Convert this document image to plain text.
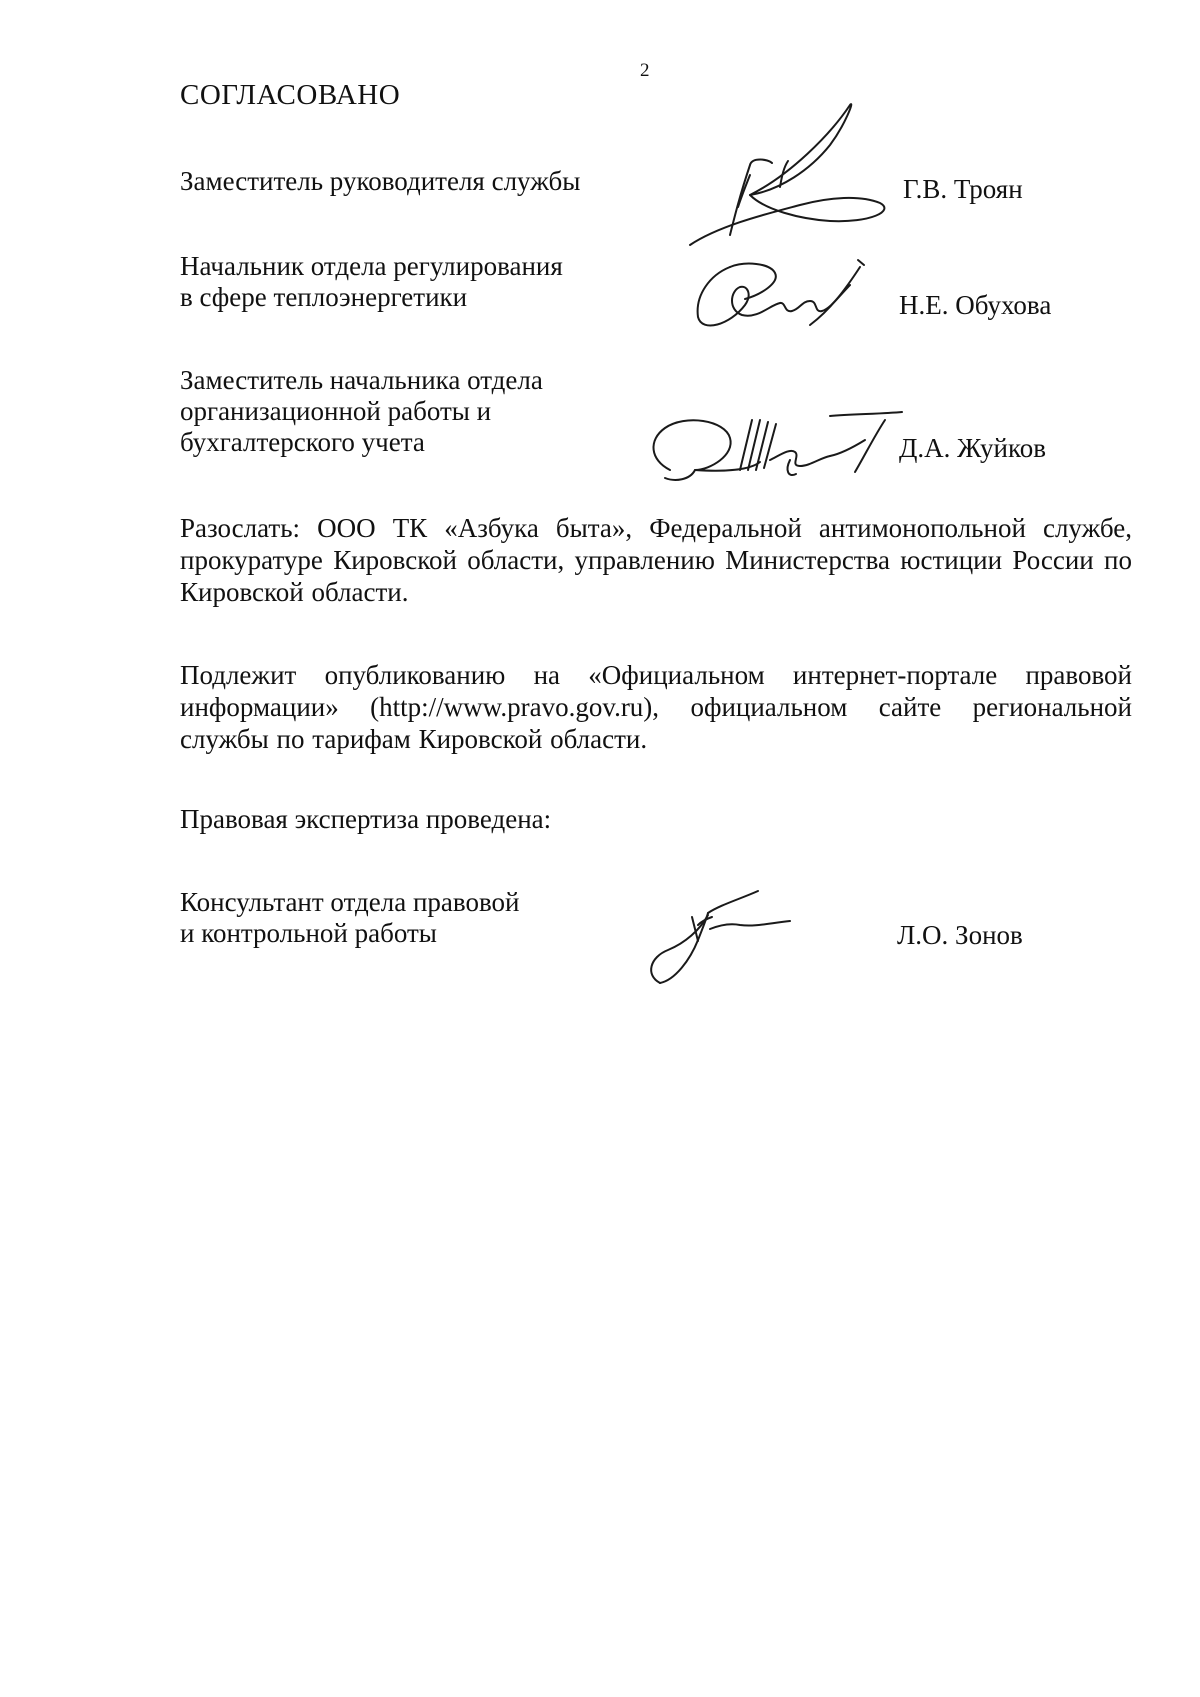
2

СОГЛАСОВАНО

Заместитель руководителя службы	Г.В. Троян

Начальник отдела регулирования
в сфере теплоэнергетики	Н.Е. Обухова

Заместитель начальника отдела
организационной работы и
бухгалтерского учета	Д.А. Жуйков

Разослать: ООО ТК «Азбука быта», Федеральной антимонопольной службе, прокуратуре Кировской области, управлению Министерства юстиции России по Кировской области.

Подлежит опубликованию на «Официальном интернет-портале правовой информации» (http://www.pravo.gov.ru), официальном сайте региональной службы по тарифам Кировской области.

Правовая экспертиза проведена:

Консультант отдела правовой
и контрольной работы	Л.О. Зонов
